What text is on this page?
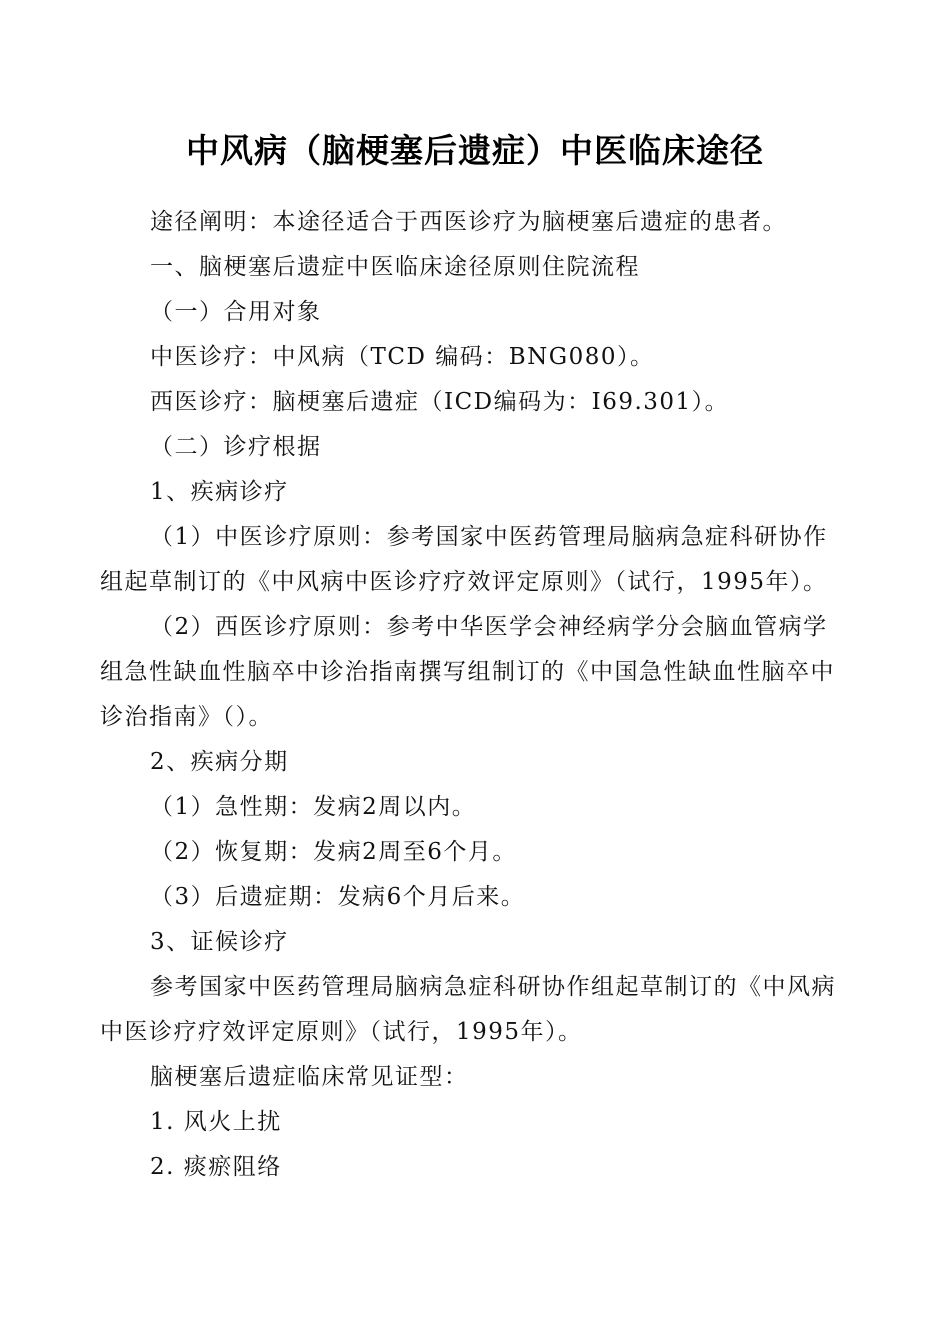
中风病（脑梗塞后遗症）中医临床途径

途径阐明：本途径适合于西医诊疗为脑梗塞后遗症的患者。

一、脑梗塞后遗症中医临床途径原则住院流程

（一）合用对象

中医诊疗：中风病（TCD 编码：BNG080）。

西医诊疗：脑梗塞后遗症（ICD编码为：I69.301）。

（二）诊疗根据

1、疾病诊疗

（1）中医诊疗原则：参考国家中医药管理局脑病急症科研协作组起草制订的《中风病中医诊疗疗效评定原则》（试行，1995年）。

（2）西医诊疗原则：参考中华医学会神经病学分会脑血管病学组急性缺血性脑卒中诊治指南撰写组制订的《中国急性缺血性脑卒中诊治指南》（）。

2、疾病分期

（1）急性期：发病2周以内。

（2）恢复期：发病2周至6个月。

（3）后遗症期：发病6个月后来。

3、证候诊疗

参考国家中医药管理局脑病急症科研协作组起草制订的《中风病中医诊疗疗效评定原则》（试行，1995年）。

脑梗塞后遗症临床常见证型：

1. 风火上扰

2. 痰瘀阻络
